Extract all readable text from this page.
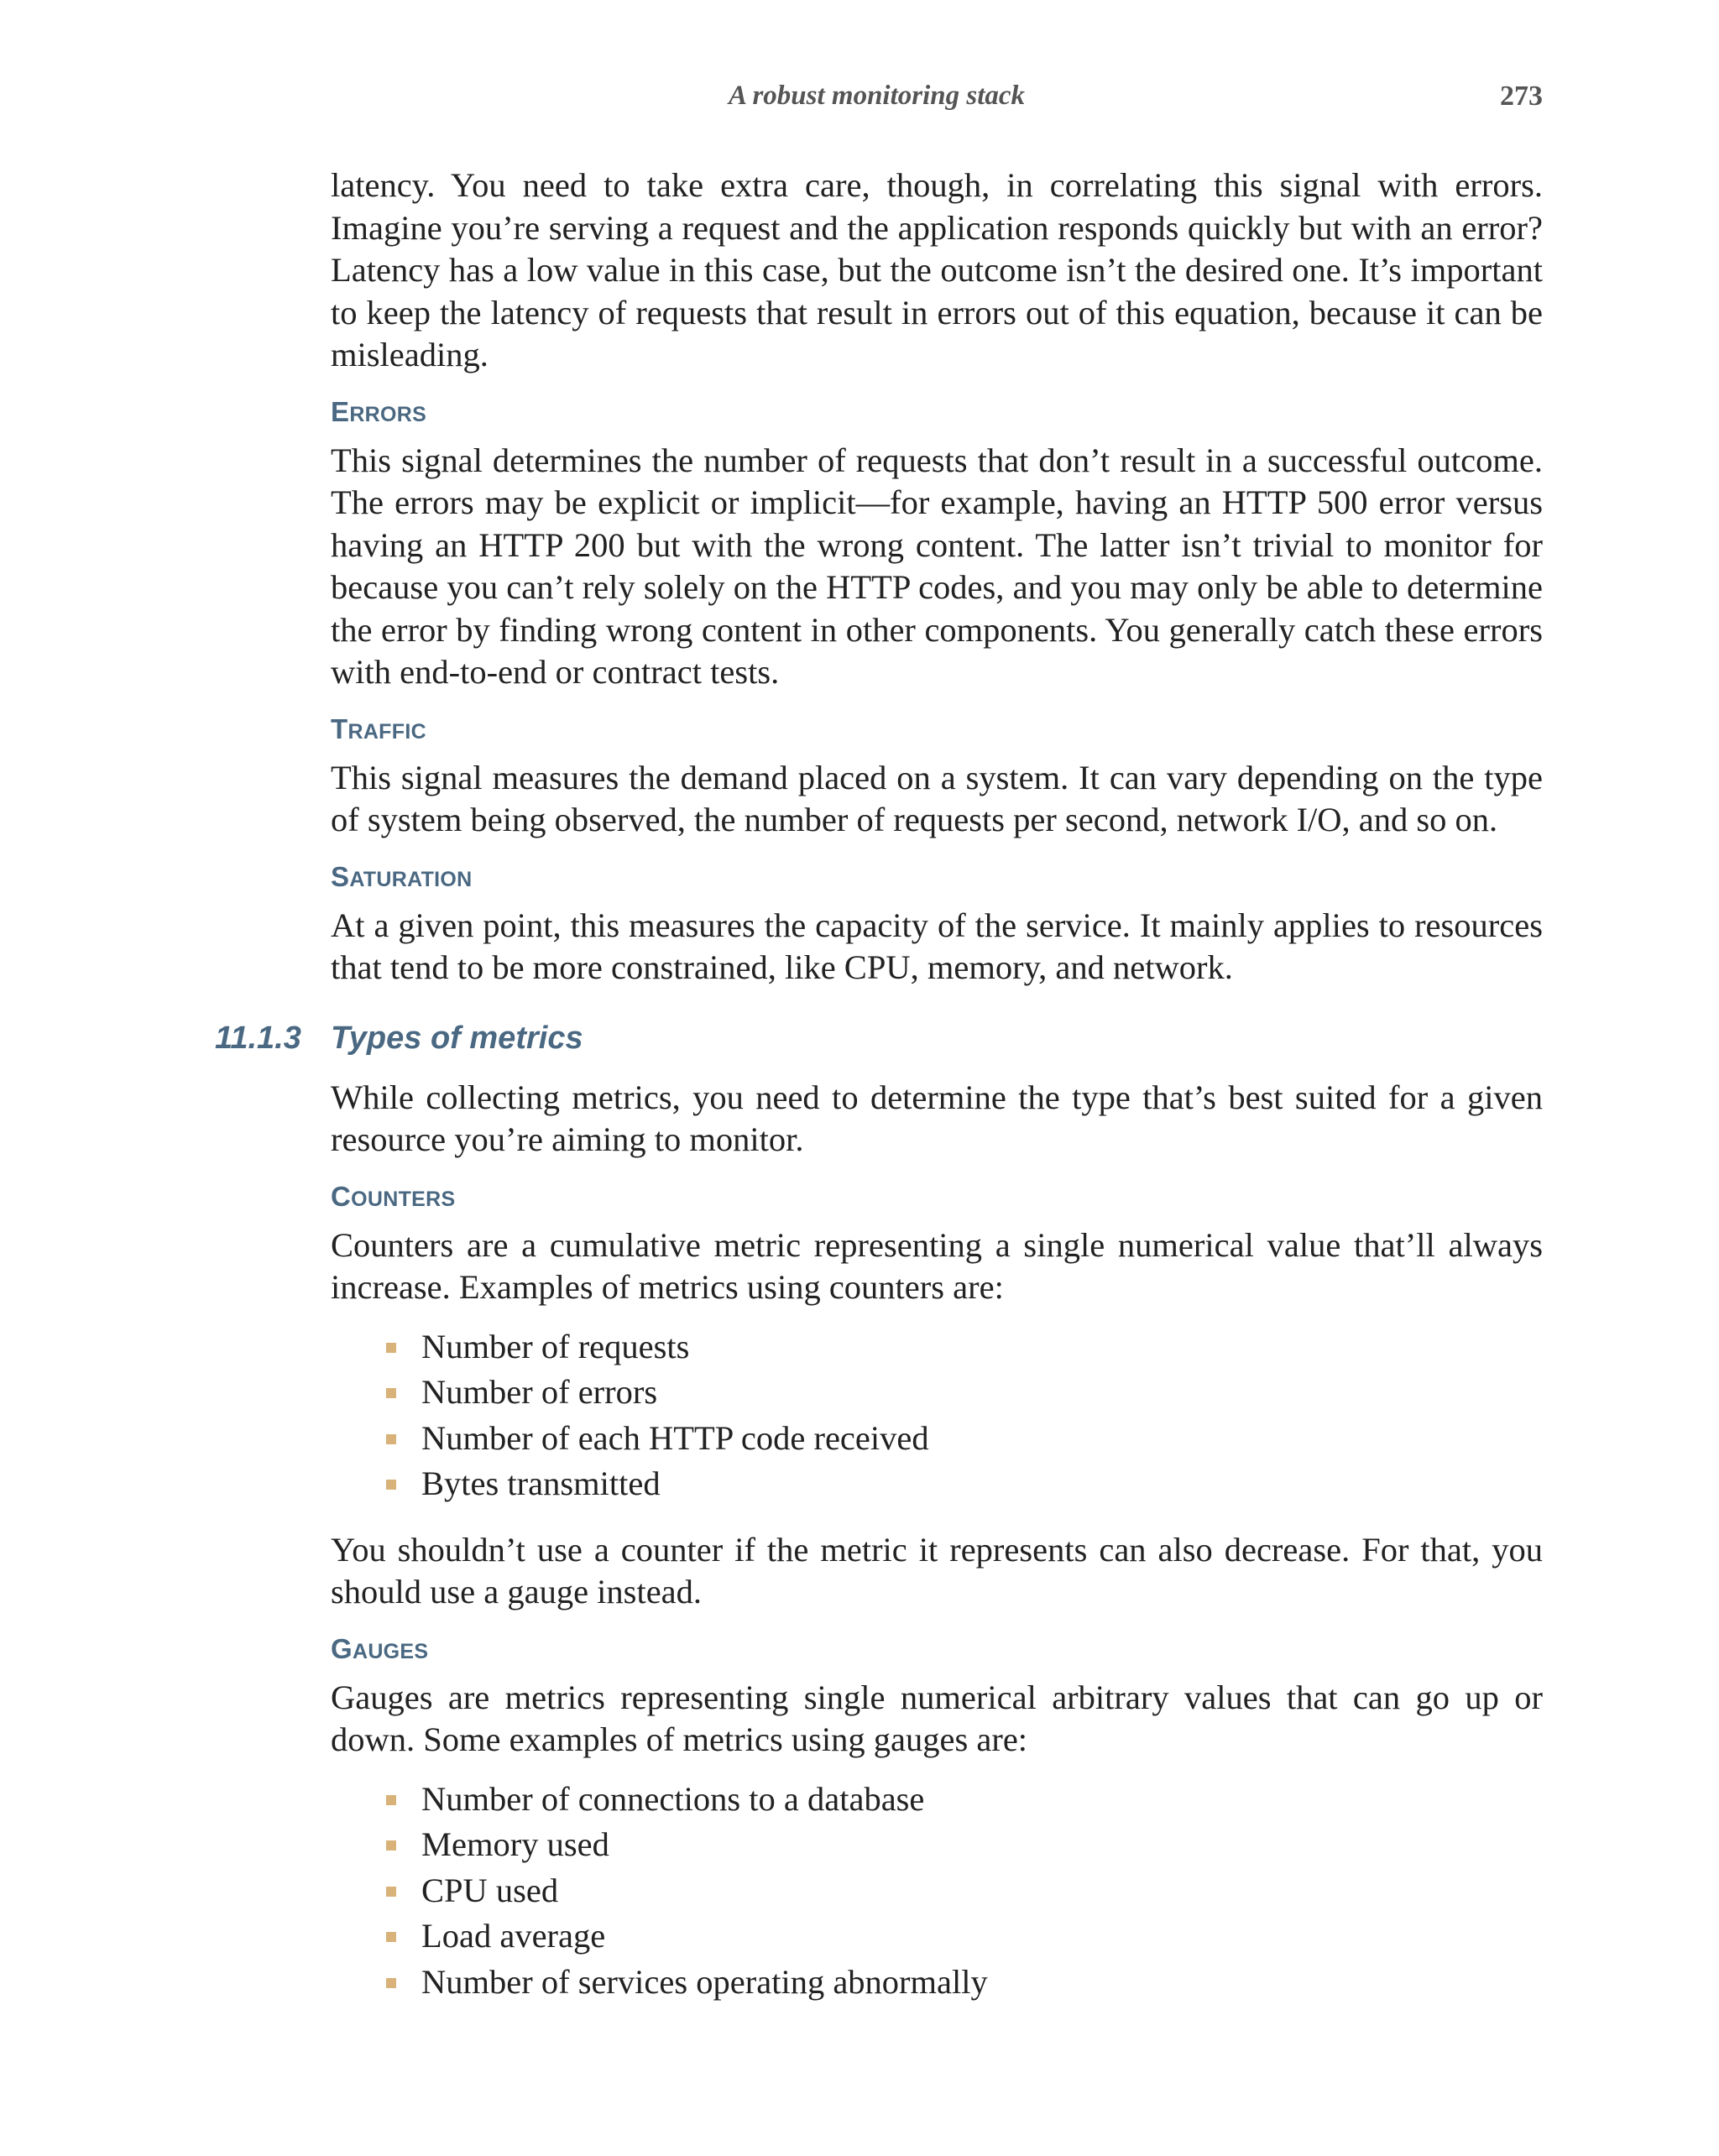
A robust monitoring stack	273

latency. You need to take extra care, though, in correlating this signal with errors. Imagine you’re serving a request and the application responds quickly but with an error? Latency has a low value in this case, but the outcome isn’t the desired one. It’s important to keep the latency of requests that result in errors out of this equation, because it can be misleading.

ERRORS

This signal determines the number of requests that don’t result in a successful outcome. The errors may be explicit or implicit—for example, having an HTTP 500 error versus having an HTTP 200 but with the wrong content. The latter isn’t trivial to monitor for because you can’t rely solely on the HTTP codes, and you may only be able to determine the error by finding wrong content in other components. You generally catch these errors with end-to-end or contract tests.

TRAFFIC

This signal measures the demand placed on a system. It can vary depending on the type of system being observed, the number of requests per second, network I/O, and so on.

SATURATION

At a given point, this measures the capacity of the service. It mainly applies to resources that tend to be more constrained, like CPU, memory, and network.

11.1.3 Types of metrics

While collecting metrics, you need to determine the type that’s best suited for a given resource you’re aiming to monitor.

COUNTERS

Counters are a cumulative metric representing a single numerical value that’ll always increase. Examples of metrics using counters are:

Number of requests
Number of errors
Number of each HTTP code received
Bytes transmitted

You shouldn’t use a counter if the metric it represents can also decrease. For that, you should use a gauge instead.

GAUGES

Gauges are metrics representing single numerical arbitrary values that can go up or down. Some examples of metrics using gauges are:

Number of connections to a database
Memory used
CPU used
Load average
Number of services operating abnormally
